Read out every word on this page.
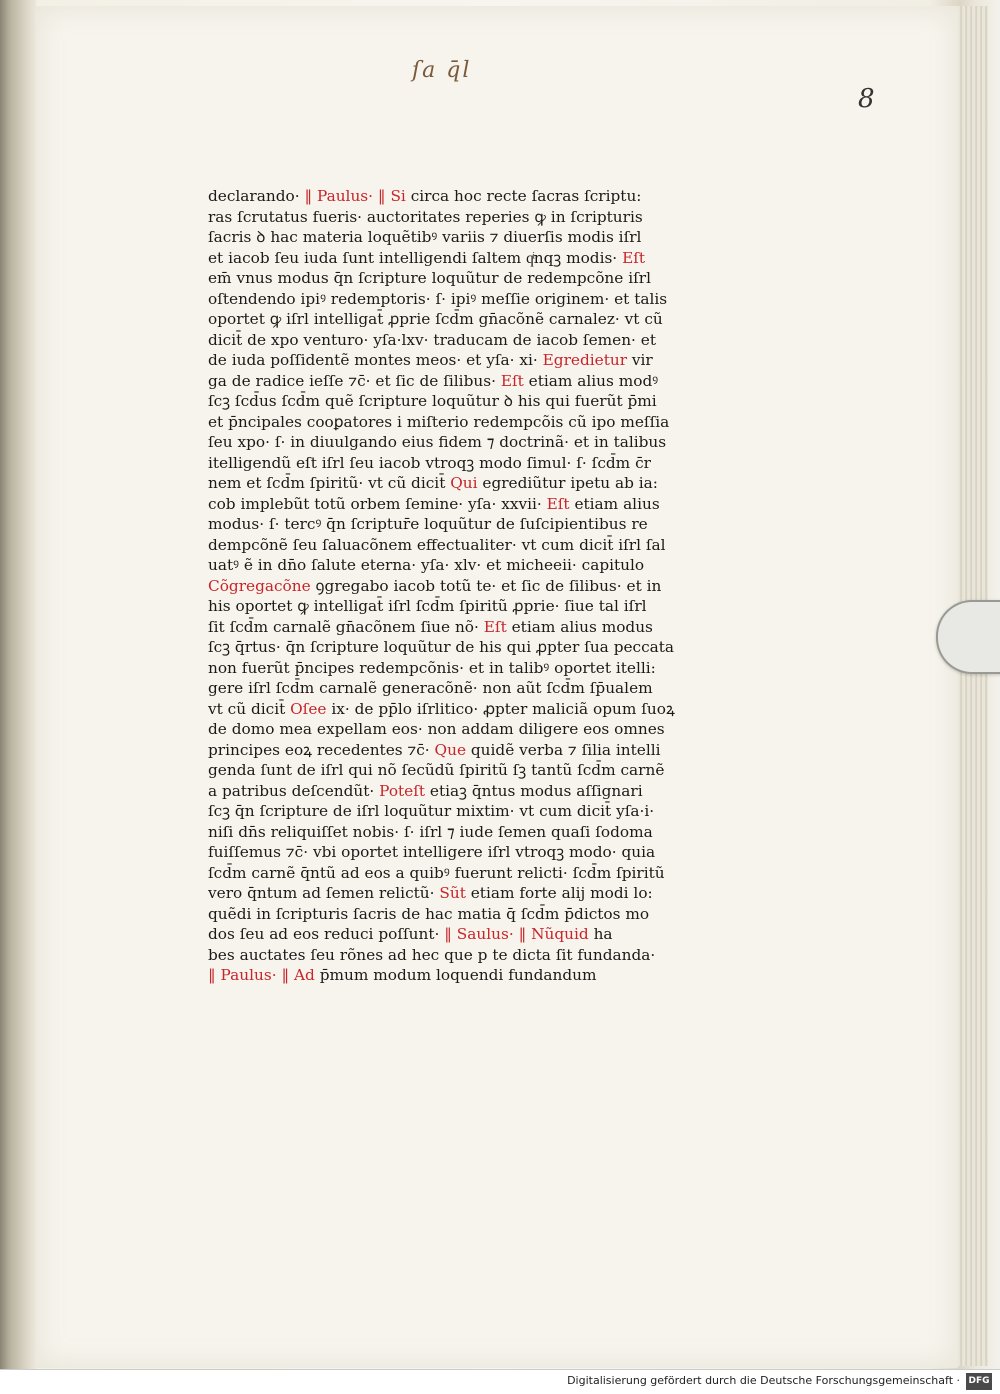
ſa q̄l
8
declarando· ‖ Paulus· ‖ Si circa hoc recte ſacras ſcriptu:
ras ſcrutatus fueris· auctoritates reperies ꝙ in ſcripturis
ſacris ꝺ hac materia loquẽtibꝰ variis ⁊ diuerſis modis iſrl
et iacob ſeu iuda ſunt intelligendi ſaltem qͥnqꝫ modis· Eſt
em̄ vnus modus q̄n ſcripture loquũtur de redempcõne iſrl
oſtendendo ipiꝰ redemptoris· ſ· ipiꝰ meſſie originem· et talis
oportet ꝙ iſrl intelligat̄ ꝓprie ſcd̄m gn̄acõnẽ carnalez· vt cũ
dicit̄ de xpo venturo· yſa·lxv· traducam de iacob ſemen· et
de iuda poſſidentẽ montes meos· et yſa· xi· Egredietur vir
ga de radice ieſſe ⁊c̄· et ſic de ſilibus· Eſt etiam alius modꝰ
ſcꝫ ſcd̄us ſcd̄m quẽ ſcripture loquũtur ꝺ his qui fuerũt p̄mi
et p̄ncipales cooꝑatores i miſterio redempcõis cũ ipo meſſia
ſeu xpo· ſ· in diuulgando eius fidem ⁊ doctrinã· et in talibus
itelligendũ eſt iſrl ſeu iacob vtroqꝫ modo ſimul· ſ· ſcd̄m c̄r
nem et ſcd̄m ſpiritũ· vt cũ dicit̄ Qui egrediũtur ipetu ab ia:
cob implebũt totũ orbem ſemine· yſa· xxvii· Eſt etiam alius
modus· ſ· tercꝰ q̄n ſcriptur̄e loquũtur de ſuſcipientibus re
dempcõnẽ ſeu ſaluacõnem effectualiter· vt cum dicit̄ iſrl ſal
uatꝰ ẽ in dn̄o ſalute eterna· yſa· xlv· et micheeii· capitulo
Cõgregacõne ꝯgregabo iacob totũ te· et ſic de ſilibus· et in
his oportet ꝙ intelligat̄ iſrl ſcd̄m ſpiritũ ꝓprie· ſiue tal iſrl
ſit ſcd̄m carnalẽ gn̄acõnem ſiue nõ· Eſt etiam alius modus
ſcꝫ q̄rtus· q̄n ſcripture loquũtur de his qui ꝓpter ſua peccata
non fuerũt p̄ncipes redempcõnis· et in talibꝰ oportet itelli:
gere iſrl ſcd̄m carnalẽ generacõnẽ· non aũt ſcd̄m ſp̄ualem
vt cũ dicit̄ Oſee ix· de pp̄lo iſrlitico· ꝓpter maliciã opum ſuoꝝ
de domo mea expellam eos· non addam diligere eos omnes
principes eoꝝ recedentes ⁊c̄· Que quidẽ verba ⁊ ſilia intelli
genda ſunt de iſrl qui nõ ſecũdũ ſpiritũ ſꝫ tantũ ſcd̄m carnẽ
a patribus deſcendũt· Poteſt etiaꝫ q̄ntus modus aſſignari
ſcꝫ q̄n ſcripture de iſrl loquũtur mixtim· vt cum dicit̄ yſa·i·
niſi dn̄s reliquiſſet nobis· ſ· iſrl ⁊ iude ſemen quaſi ſodoma
fuiſſemus ⁊c̄· vbi oportet intelligere iſrl vtroqꝫ modo· quia
ſcd̄m carnẽ q̄ntũ ad eos a quibꝰ fuerunt relicti· ſcd̄m ſpiritũ
vero q̄ntum ad ſemen relictũ· Sũt etiam forte alij modi lo:
quẽdi in ſcripturis ſacris de hac matia q̄ ſcd̄m p̄dictos mo
dos ſeu ad eos reduci poſſunt· ‖ Saulus· ‖ Nũquid ha
bes auctates ſeu rõnes ad hec que p te dicta ſit fundanda·
‖ Paulus· ‖ Ad p̄mum modum loquendi fundandum
Digitalisierung gefördert durch die Deutsche Forschungsgemeinschaft · DFG
